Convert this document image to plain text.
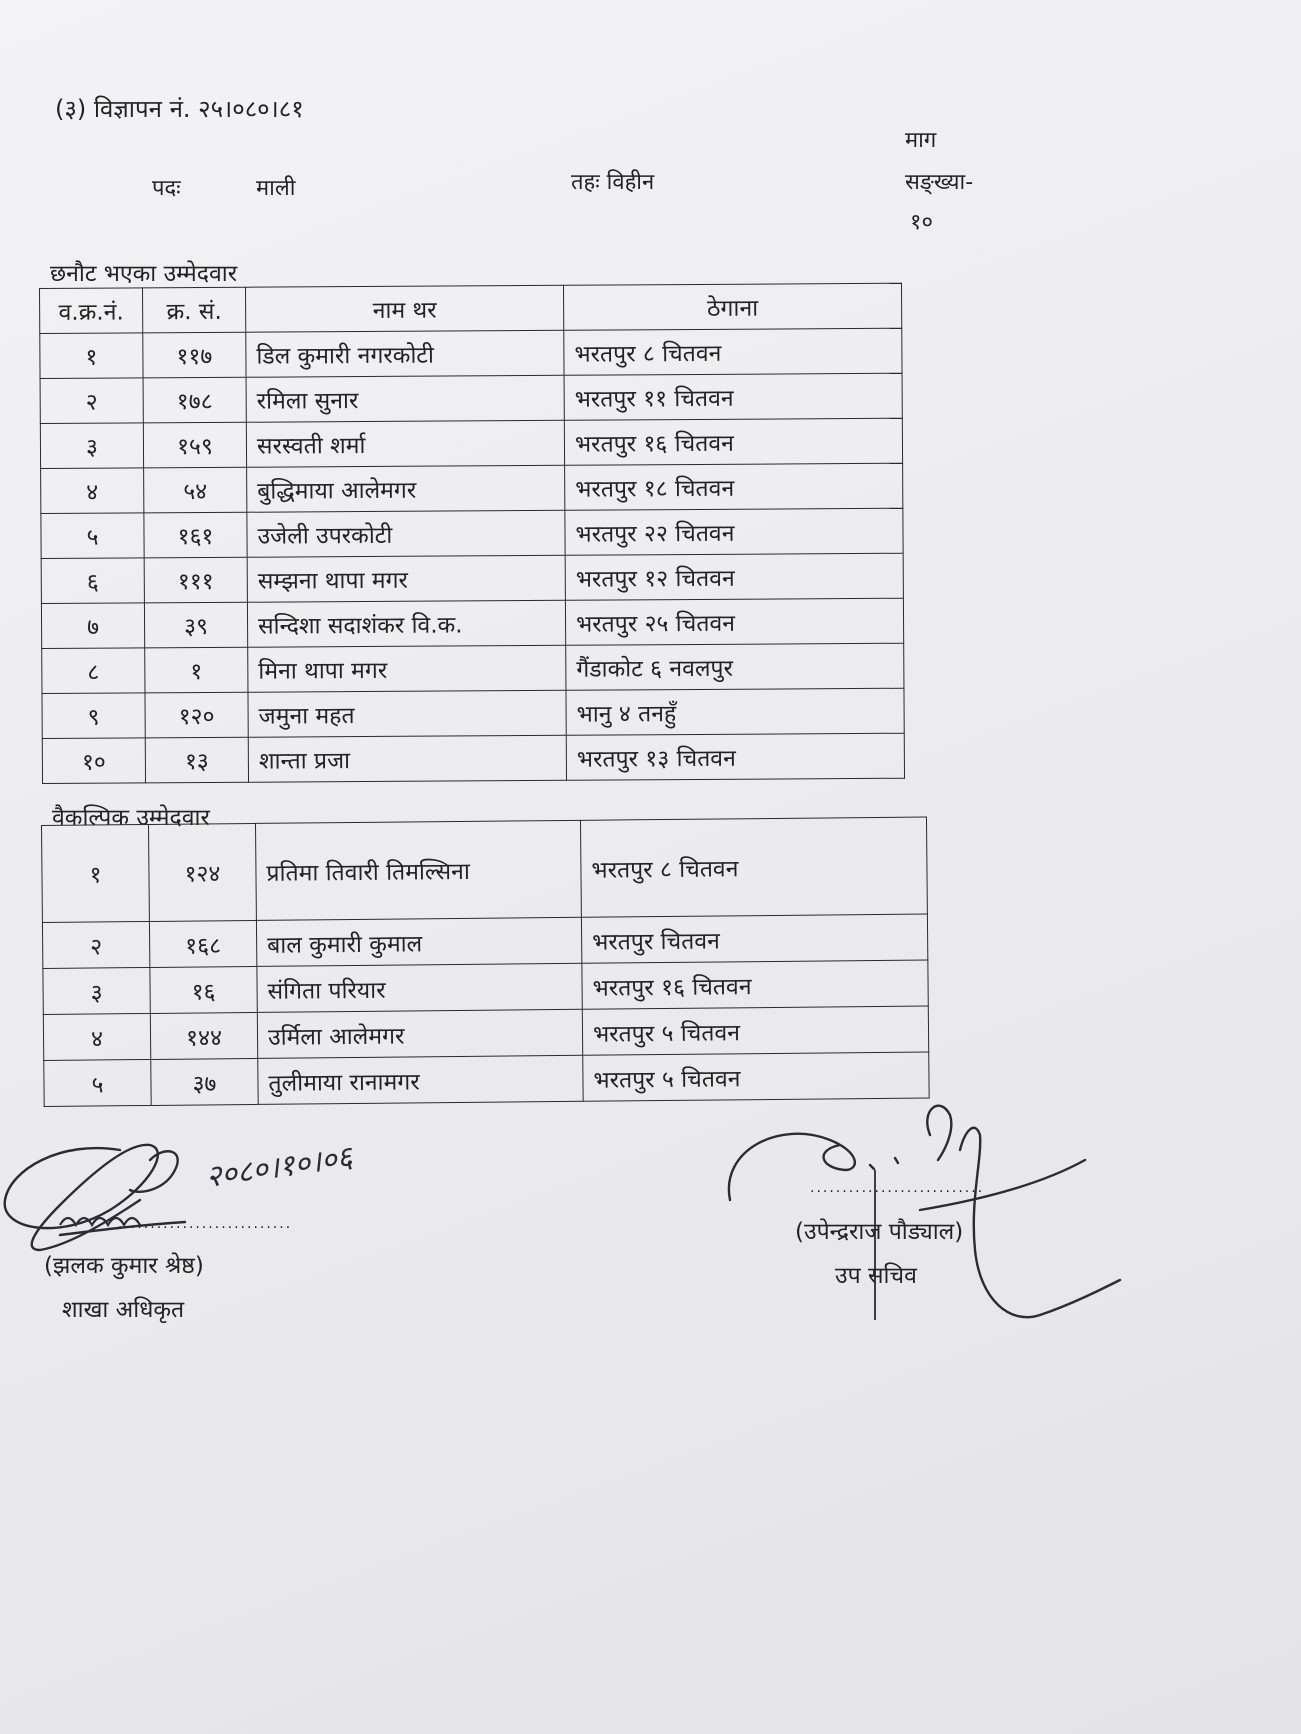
(३) विज्ञापन नं. २५।०८०।८१
पदः	माली	तहः विहीन
माग
सङ्ख्या-
१०
छनौट भएका उम्मेदवार
व.क्र.नं.	क्र. सं.	नाम थर	ठेगाना
१	११७	डिल कुमारी नगरकोटी	भरतपुर ८ चितवन
२	१७८	रमिला सुनार	भरतपुर ११ चितवन
३	१५९	सरस्वती शर्मा	भरतपुर १६ चितवन
४	५४	बुद्धिमाया आलेमगर	भरतपुर १८ चितवन
५	१६१	उजेली उपरकोटी	भरतपुर २२ चितवन
६	१११	सम्झना थापा मगर	भरतपुर १२ चितवन
७	३९	सन्दिशा सदाशंकर वि.क.	भरतपुर २५ चितवन
८	१	मिना थापा मगर	गैंडाकोट ६ नवलपुर
९	१२०	जमुना महत	भानु ४ तनहुँ
१०	१३	शान्ता प्रजा	भरतपुर १३ चितवन
वैकल्पिक उम्मेदवार
१	१२४	प्रतिमा तिवारी तिमल्सिना	भरतपुर ८ चितवन
२	१६८	बाल कुमारी कुमाल	भरतपुर चितवन
३	१६	संगिता परियार	भरतपुर १६ चितवन
४	१४४	उर्मिला आलेमगर	भरतपुर ५ चितवन
५	३७	तुलीमाया रानामगर	भरतपुर ५ चितवन
२०८०।१०।०६
···························
(झलक कुमार श्रेष्ठ)
शाखा अधिकृत
···························
(उपेन्द्रराज पौड्याल)
उप सचिव
